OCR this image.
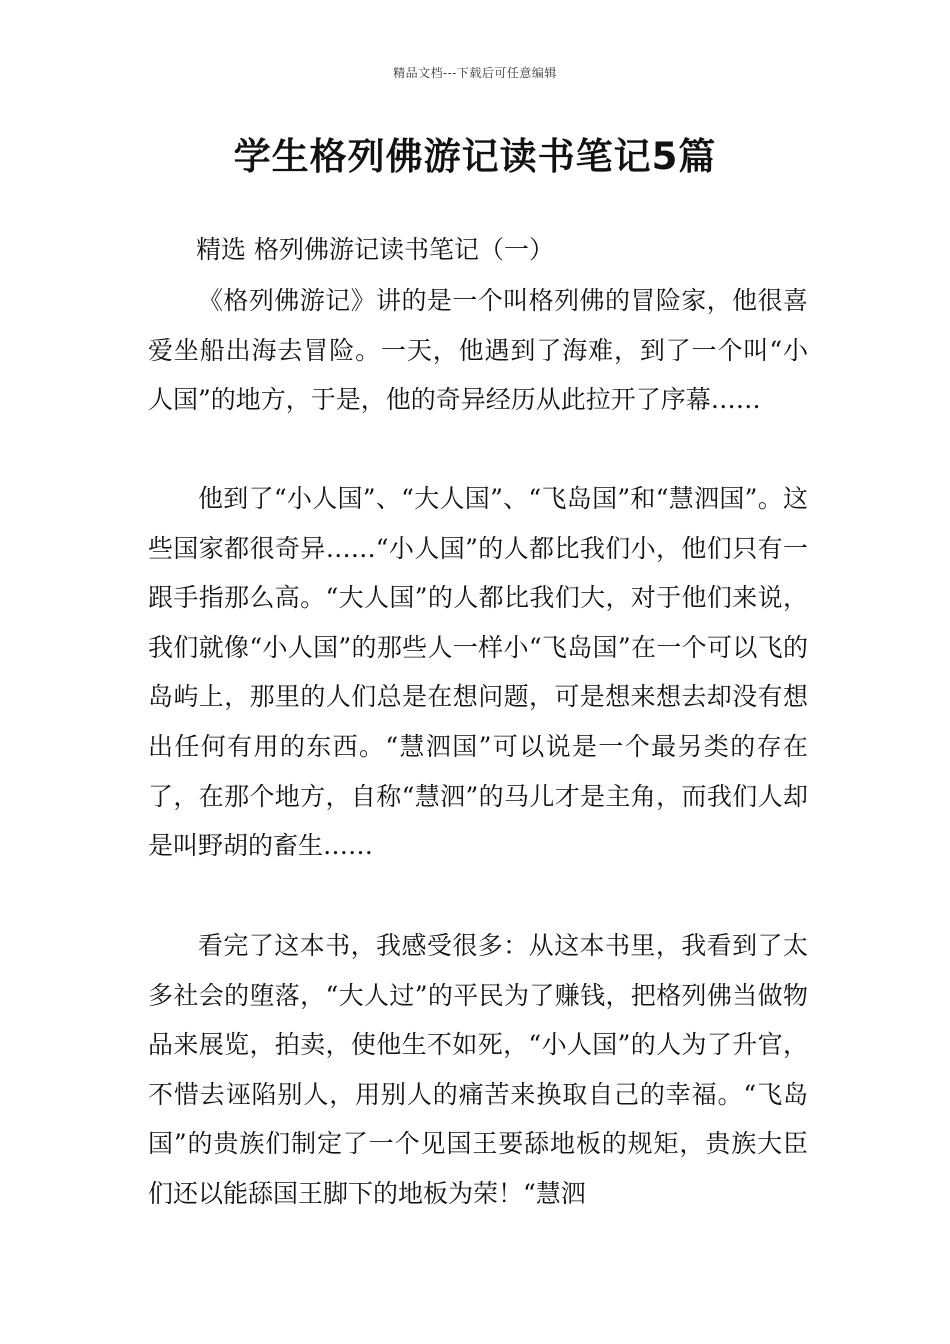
精品文档---下载后可任意编辑
学生格列佛游记读书笔记5篇
精选 格列佛游记读书笔记（一）

《格列佛游记》讲的是一个叫格列佛的冒险家，他很喜爱坐船出海去冒险。一天，他遇到了海难，到了一个叫“小人国”的地方，于是，他的奇异经历从此拉开了序幕……

他到了“小人国”、“大人国”、“飞岛国”和“慧泗国”。这些国家都很奇异……“小人国”的人都比我们小，他们只有一跟手指那么高。“大人国”的人都比我们大，对于他们来说，我们就像“小人国”的那些人一样小“飞岛国”在一个可以飞的岛屿上，那里的人们总是在想问题，可是想来想去却没有想出任何有用的东西。“慧泗国”可以说是一个最另类的存在了，在那个地方，自称“慧泗”的马儿才是主角，而我们人却是叫野胡的畜生……

看完了这本书，我感受很多：从这本书里，我看到了太多社会的堕落，“大人过”的平民为了赚钱，把格列佛当做物品来展览，拍卖，使他生不如死，“小人国”的人为了升官，不惜去诬陷别人，用别人的痛苦来换取自己的幸福。“飞岛国”的贵族们制定了一个见国王要舔地板的规矩，贵族大臣们还以能舔国王脚下的地板为荣！“慧泗
